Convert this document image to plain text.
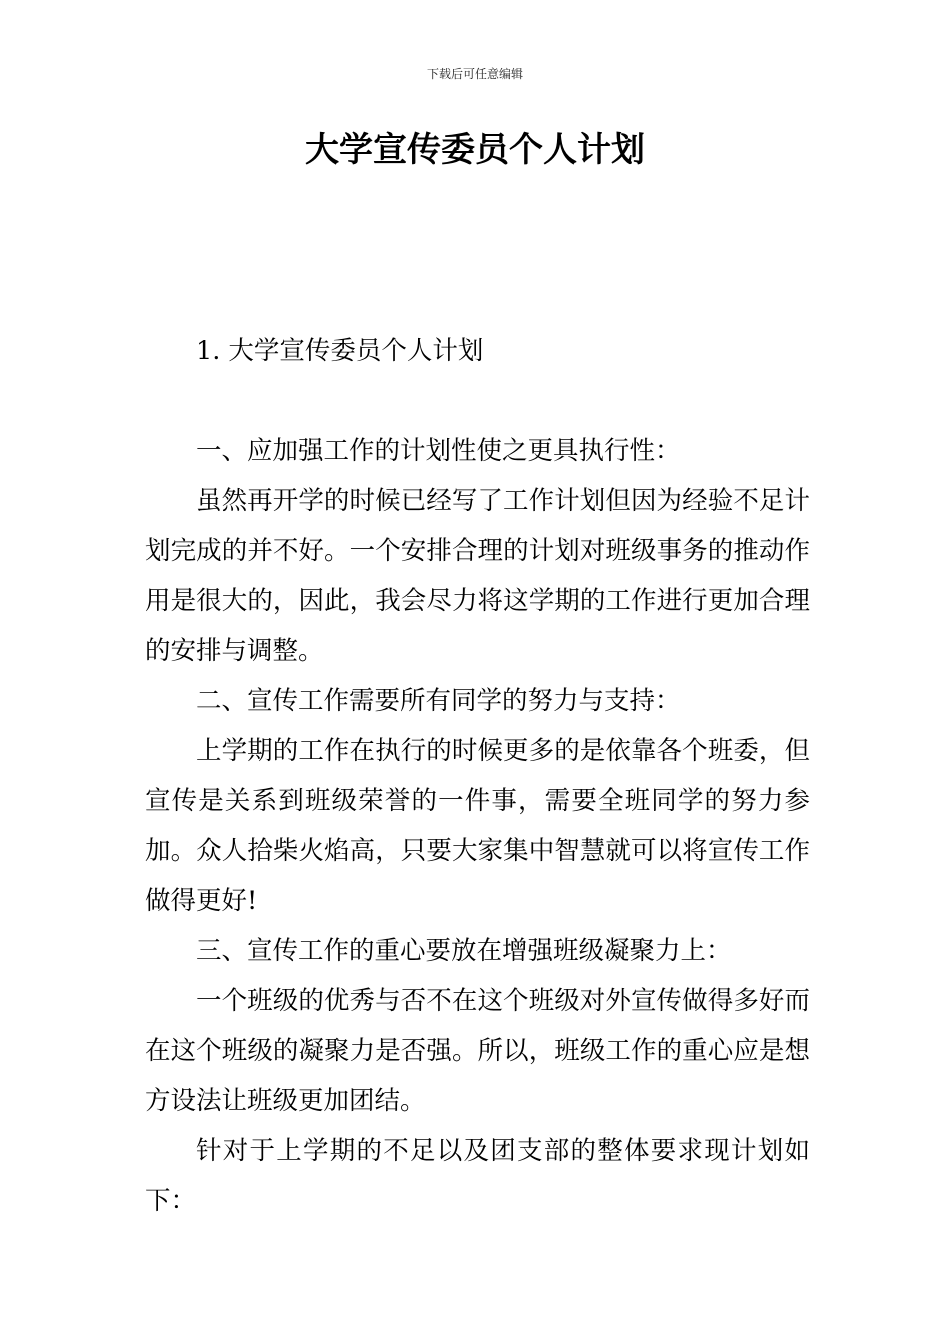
下载后可任意编辑
大学宣传委员个人计划

1. 大学宣传委员个人计划

一、应加强工作的计划性使之更具执行性：

虽然再开学的时候已经写了工作计划但因为经验不足计划完成的并不好。一个安排合理的计划对班级事务的推动作用是很大的，因此，我会尽力将这学期的工作进行更加合理的安排与调整。

二、宣传工作需要所有同学的努力与支持：

上学期的工作在执行的时候更多的是依靠各个班委，但宣传是关系到班级荣誉的一件事，需要全班同学的努力参加。众人拾柴火焰高，只要大家集中智慧就可以将宣传工作做得更好!

三、宣传工作的重心要放在增强班级凝聚力上：

一个班级的优秀与否不在这个班级对外宣传做得多好而在这个班级的凝聚力是否强。所以，班级工作的重心应是想方设法让班级更加团结。

针对于上学期的不足以及团支部的整体要求现计划如下：
